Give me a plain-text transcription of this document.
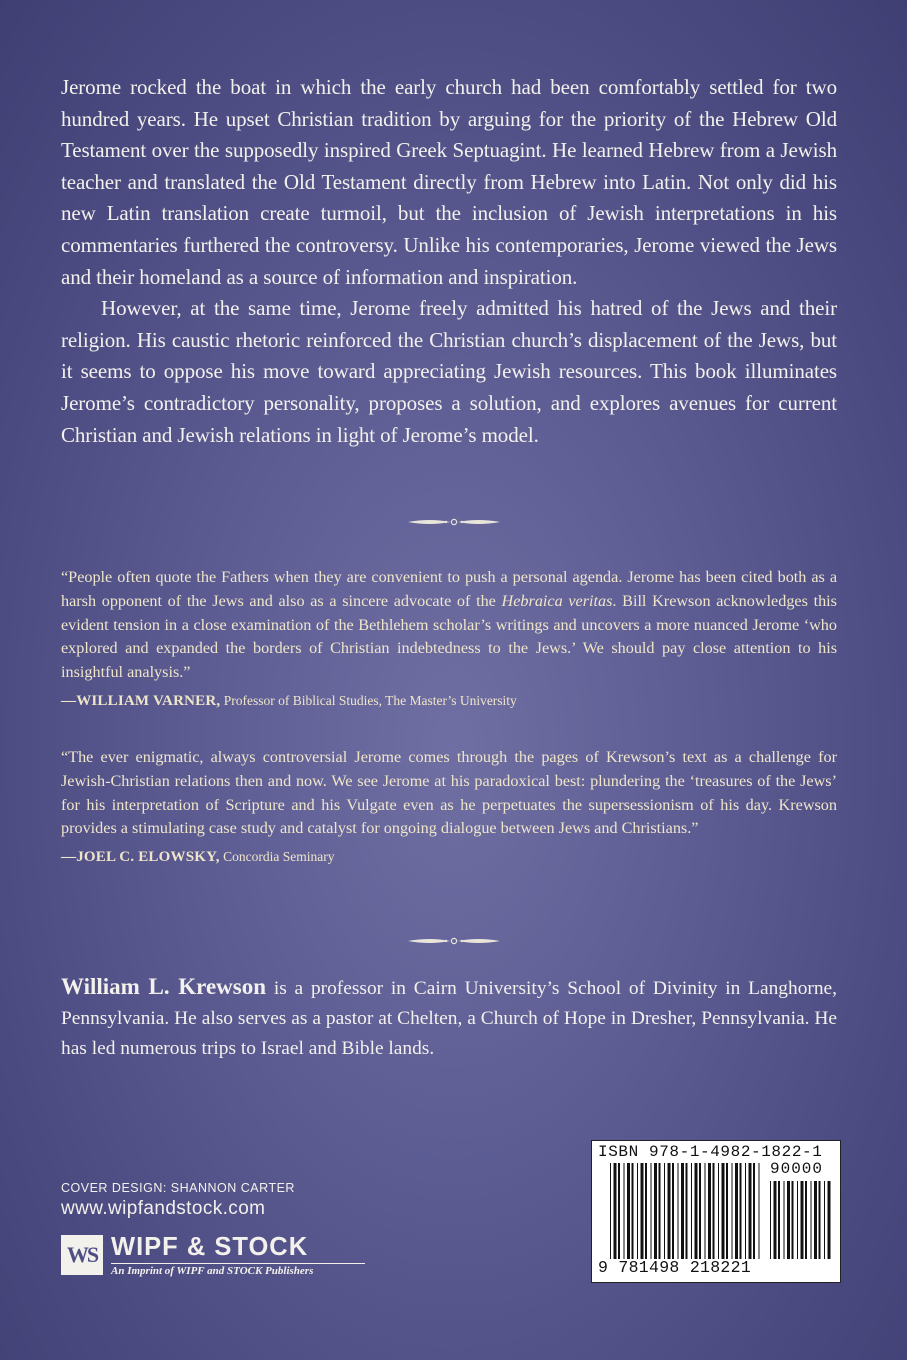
Jerome rocked the boat in which the early church had been comfortably settled for two hundred years. He upset Christian tradition by arguing for the priority of the Hebrew Old Testament over the supposedly inspired Greek Septuagint. He learned Hebrew from a Jewish teacher and translated the Old Testament directly from Hebrew into Latin. Not only did his new Latin translation create turmoil, but the inclusion of Jewish interpretations in his commentaries furthered the controversy. Unlike his contemporaries, Jerome viewed the Jews and their homeland as a source of information and inspiration.

However, at the same time, Jerome freely admitted his hatred of the Jews and their religion. His caustic rhetoric reinforced the Christian church’s displacement of the Jews, but it seems to oppose his move toward appreciating Jewish resources. This book illuminates Jerome’s contradictory personality, proposes a solution, and explores avenues for current Christian and Jewish relations in light of Jerome’s model.

“People often quote the Fathers when they are convenient to push a personal agenda. Jerome has been cited both as a harsh opponent of the Jews and also as a sincere advocate of the Hebraica veritas. Bill Krewson acknowledges this evident tension in a close examination of the Bethlehem scholar’s writings and uncovers a more nuanced Jerome ‘who explored and expanded the borders of Christian indebtedness to the Jews.’ We should pay close attention to his insightful analysis.”

—WILLIAM VARNER, Professor of Biblical Studies, The Master’s University

“The ever enigmatic, always controversial Jerome comes through the pages of Krewson’s text as a challenge for Jewish-Christian relations then and now. We see Jerome at his paradoxical best: plundering the ‘treasures of the Jews’ for his interpretation of Scripture and his Vulgate even as he perpetuates the supersessionism of his day. Krewson provides a stimulating case study and catalyst for ongoing dialogue between Jews and Christians.”

—JOEL C. ELOWSKY, Concordia Seminary
William L. Krewson is a professor in Cairn University’s School of Divinity in Langhorne, Pennsylvania. He also serves as a pastor at Chelten, a Church of Hope in Dresher, Pennsylvania. He has led numerous trips to Israel and Bible lands.
COVER DESIGN: SHANNON CARTER
www.wipfandstock.com
WS WIPF & STOCK
An Imprint of WIPF and STOCK Publishers
ISBN 978-1-4982-1822-1
90000
9 781498 218221
